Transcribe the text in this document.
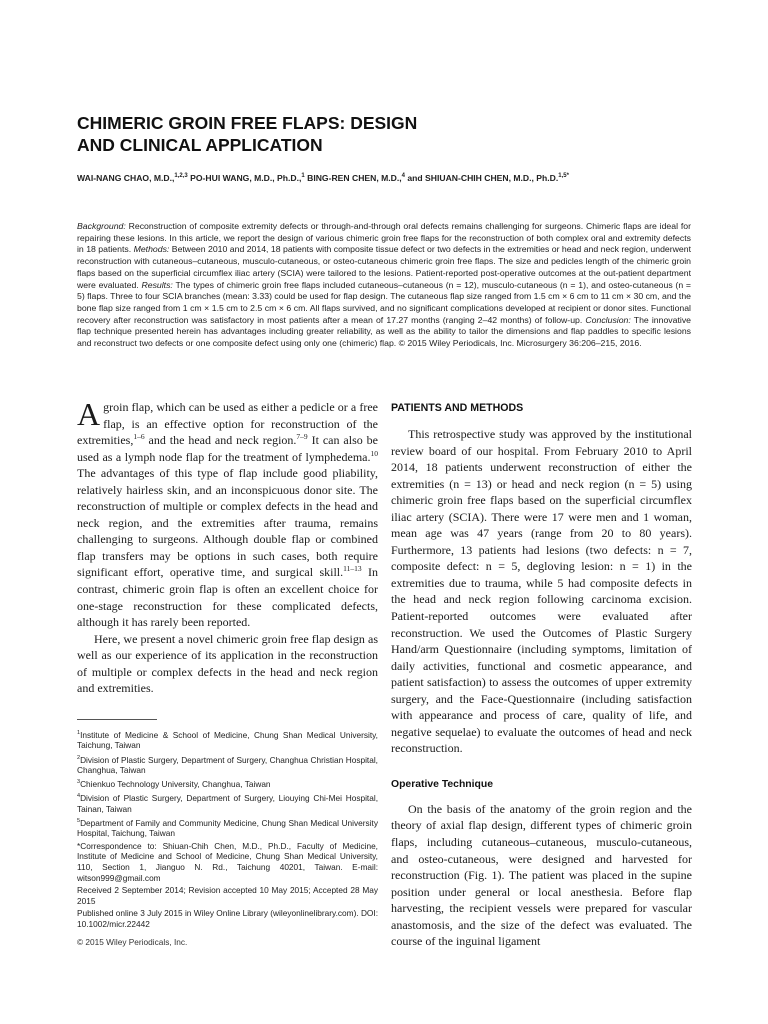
CHIMERIC GROIN FREE FLAPS: DESIGN
AND CLINICAL APPLICATION
WAI-NANG CHAO, M.D.,$^{1,2,3}$ PO-HUI WANG, M.D., Ph.D.,$^1$ BING-REN CHEN, M.D.,$^4$ and SHIUAN-CHIH CHEN, M.D., Ph.D.$^{1,5*}$

Background: Reconstruction of composite extremity defects or through-and-through oral defects remains challenging for surgeons. Chimeric flaps are ideal for repairing these lesions. In this article, we report the design of various chimeric groin free flaps for the reconstruction of both complex oral and extremity defects in 18 patients. Methods: Between 2010 and 2014, 18 patients with composite tissue defect or two defects in the extremities or head and neck region, underwent reconstruction with cutaneous–cutaneous, musculo-cutaneous, or osteo-cutaneous chimeric groin free flaps. The size and pedicles length of the chimeric groin flaps based on the superficial circumflex iliac artery (SCIA) were tailored to the lesions. Patient-reported post-operative outcomes at the out-patient department were evaluated. Results: The types of chimeric groin free flaps included cutaneous–cutaneous (n = 12), musculo-cutaneous (n = 1), and osteo-cutaneous (n = 5) flaps. Three to four SCIA branches (mean: 3.33) could be used for flap design. The cutaneous flap size ranged from 1.5 cm × 6 cm to 11 cm × 30 cm, and the bone flap size ranged from 1 cm × 1.5 cm to 2.5 cm × 6 cm. All flaps survived, and no significant complications developed at recipient or donor sites. Functional recovery after reconstruction was satisfactory in most patients after a mean of 17.27 months (ranging 2–42 months) of follow-up. Conclusion: The innovative flap technique presented herein has advantages including greater reliability, as well as the ability to tailor the dimensions and flap paddles to specific lesions and reconstruct two defects or one composite defect using only one (chimeric) flap. © 2015 Wiley Periodicals, Inc. Microsurgery 36:206–215, 2016.

A groin flap, which can be used as either a pedicle or a free flap, is an effective option for reconstruction of the extremities,$^{1-6}$ and the head and neck region.$^{7-9}$ It can also be used as a lymph node flap for the treatment of lymphedema.$^{10}$ The advantages of this type of flap include good pliability, relatively hairless skin, and an inconspicuous donor site. The reconstruction of multiple or complex defects in the head and neck region, and the extremities after trauma, remains challenging to surgeons. Although double flap or combined flap transfers may be options in such cases, both require significant effort, operative time, and surgical skill.$^{11-13}$ In contrast, chimeric groin flap is often an excellent choice for one-stage reconstruction for these complicated defects, although it has rarely been reported.

Here, we present a novel chimeric groin free flap design as well as our experience of its application in the reconstruction of multiple or complex defects in the head and neck region and extremities.

$^1$Institute of Medicine & School of Medicine, Chung Shan Medical University, Taichung, Taiwan
$^2$Division of Plastic Surgery, Department of Surgery, Changhua Christian Hospital, Changhua, Taiwan
$^3$Chienkuo Technology University, Changhua, Taiwan
$^4$Division of Plastic Surgery, Department of Surgery, Liouying Chi-Mei Hospital, Tainan, Taiwan
$^5$Department of Family and Community Medicine, Chung Shan Medical University Hospital, Taichung, Taiwan
*Correspondence to: Shiuan-Chih Chen, M.D., Ph.D., Faculty of Medicine, Institute of Medicine and School of Medicine, Chung Shan Medical University, 110, Section 1, Jianguo N. Rd., Taichung 40201, Taiwan. E-mail: witson999@gmail.com
Received 2 September 2014; Revision accepted 10 May 2015; Accepted 28 May 2015
Published online 3 July 2015 in Wiley Online Library (wileyonlinelibrary.com). DOI: 10.1002/micr.22442
© 2015 Wiley Periodicals, Inc.
PATIENTS AND METHODS

This retrospective study was approved by the institutional review board of our hospital. From February 2010 to April 2014, 18 patients underwent reconstruction of either the extremities (n = 13) or head and neck region (n = 5) using chimeric groin free flaps based on the superficial circumflex iliac artery (SCIA). There were 17 were men and 1 woman, mean age was 47 years (range from 20 to 80 years). Furthermore, 13 patients had lesions (two defects: n = 7, composite defect: n = 5, degloving lesion: n = 1) in the extremities due to trauma, while 5 had composite defects in the head and neck region following carcinoma excision. Patient-reported outcomes were evaluated after reconstruction. We used the Outcomes of Plastic Surgery Hand/arm Questionnaire (including symptoms, limitation of daily activities, functional and cosmetic appearance, and patient satisfaction) to assess the outcomes of upper extremity surgery, and the Face-Questionnaire (including satisfaction with appearance and process of care, quality of life, and negative sequelae) to evaluate the outcomes of head and neck reconstruction.

Operative Technique

On the basis of the anatomy of the groin region and the theory of axial flap design, different types of chimeric groin flaps, including cutaneous–cutaneous, musculo-cutaneous, and osteo-cutaneous, were designed and harvested for reconstruction (Fig. 1). The patient was placed in the supine position under general or local anesthesia. Before flap harvesting, the recipient vessels were prepared for vascular anastomosis, and the size of the defect was evaluated. The course of the inguinal ligament
